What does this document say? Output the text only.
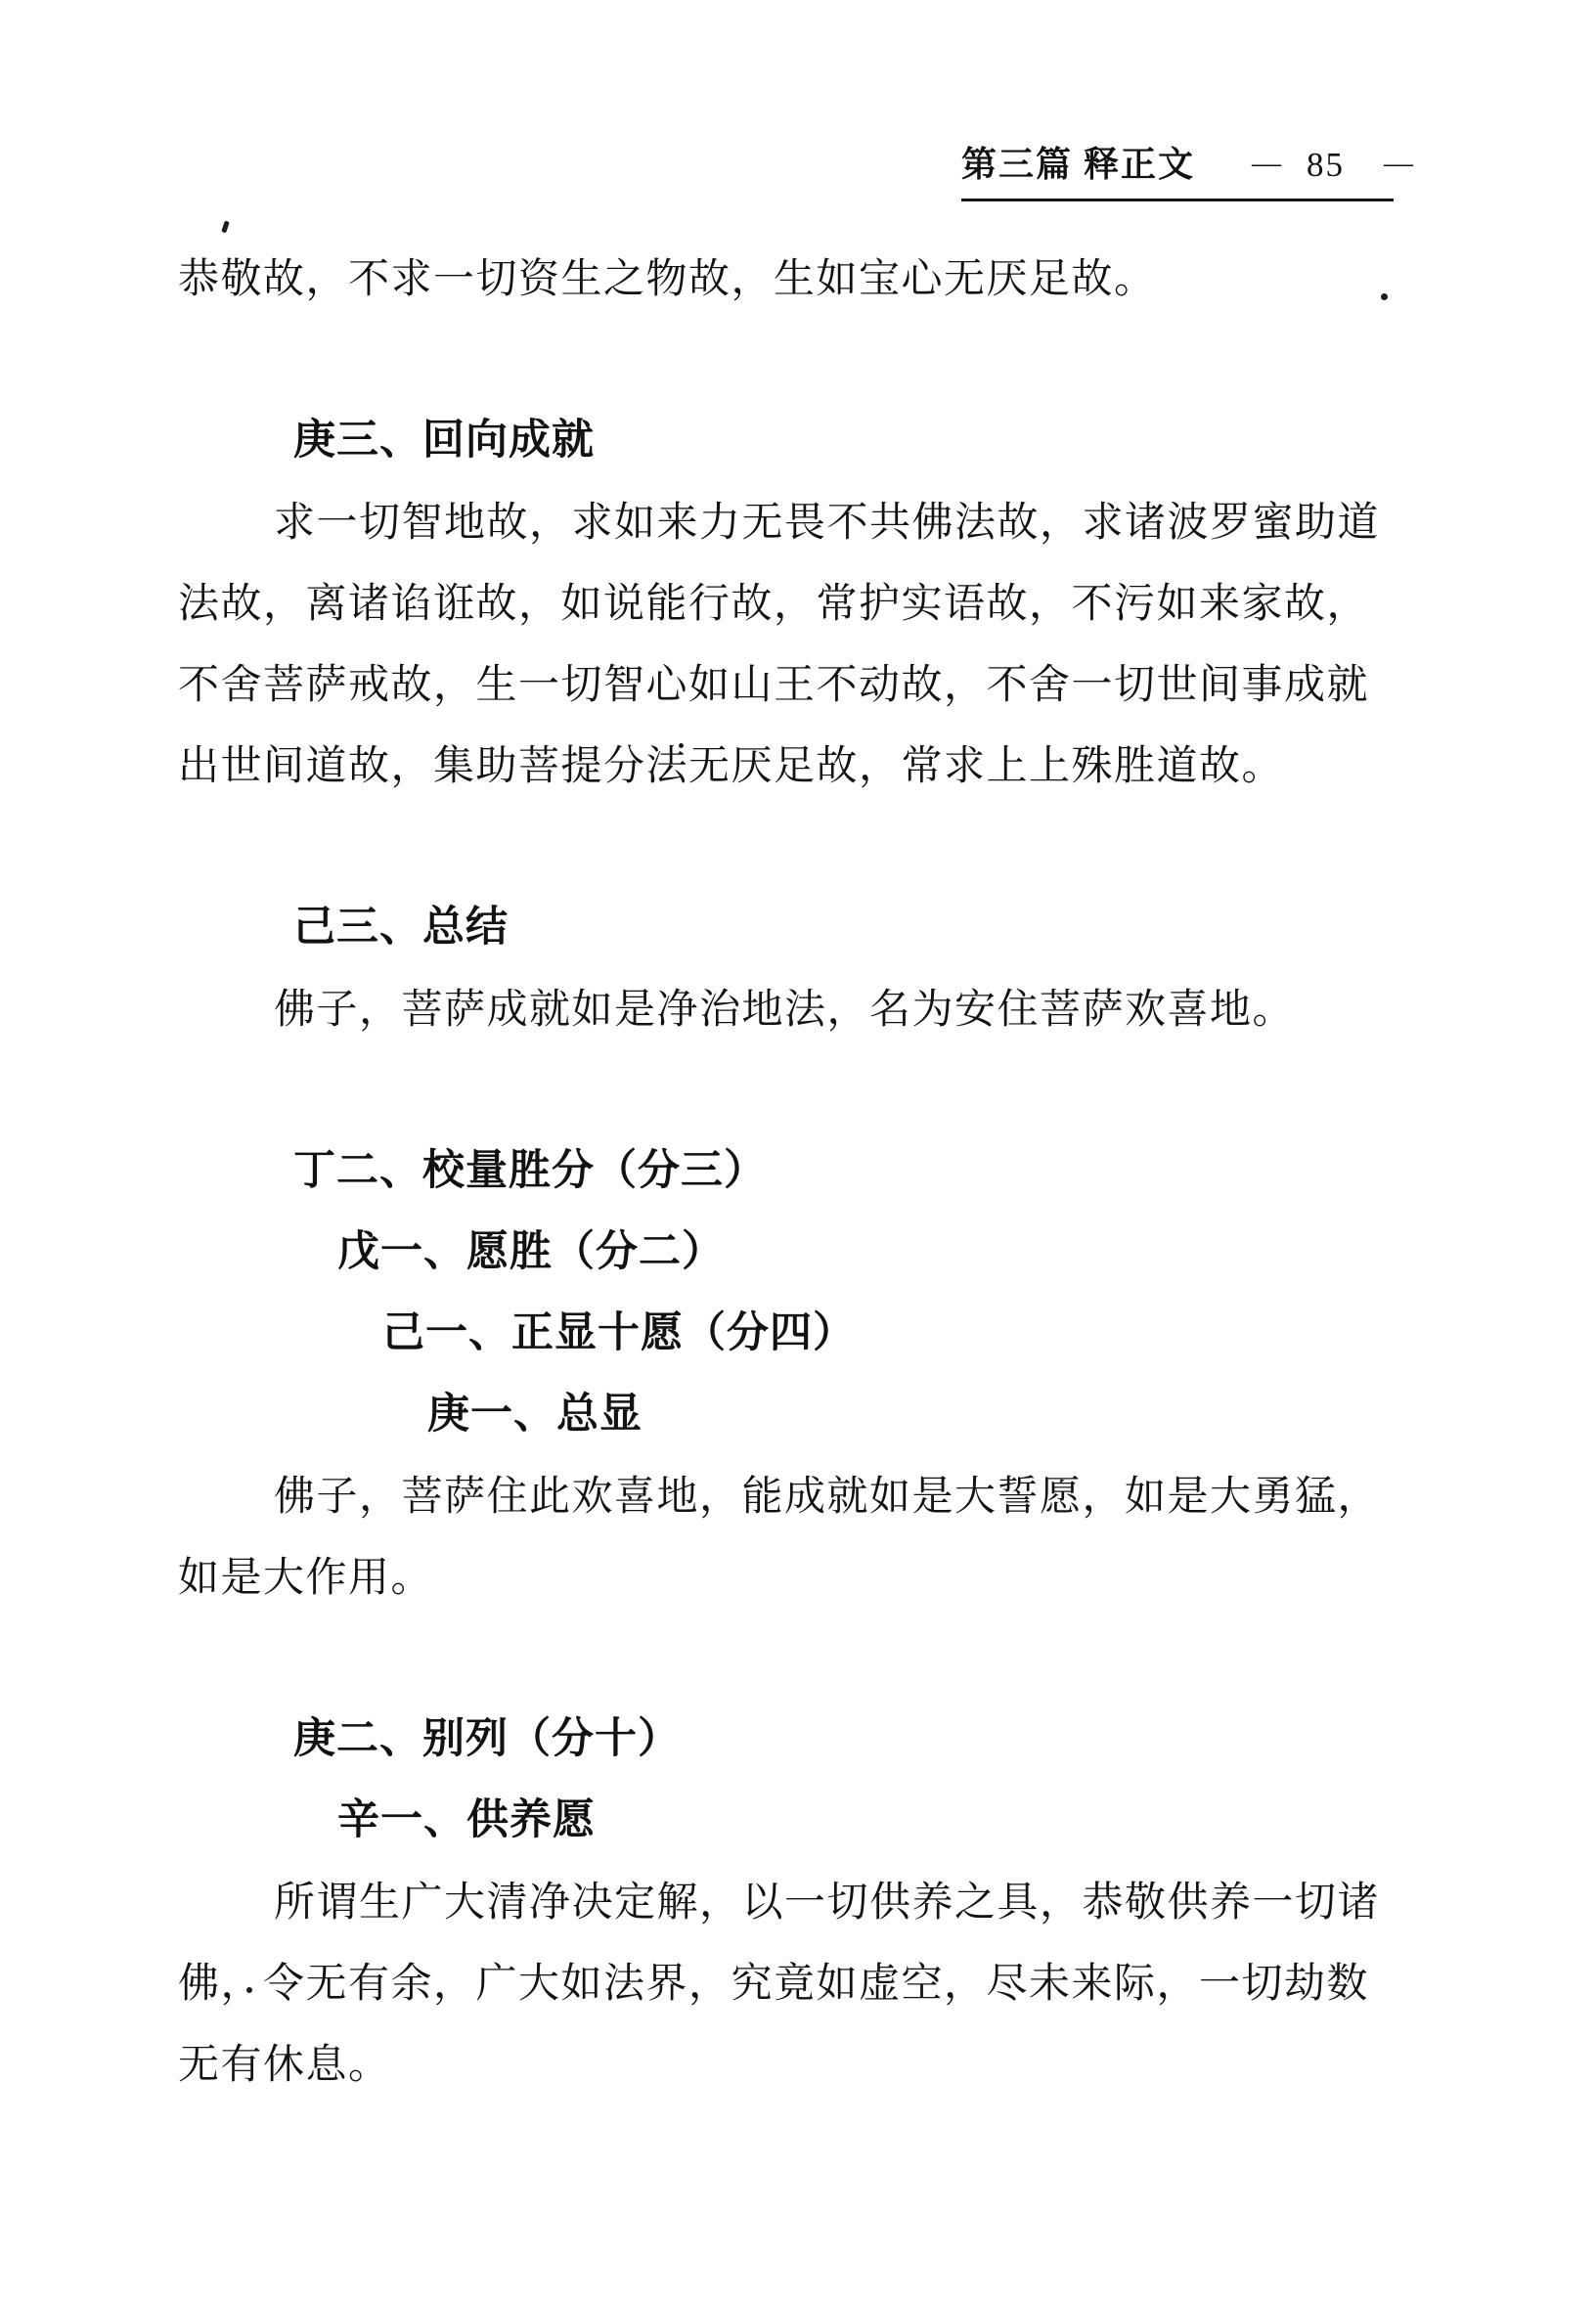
第三篇 释正文 — 85 —
恭敬故，不求一切资生之物故，生如宝心无厌足故。
庚三、回向成就
求一切智地故，求如来力无畏不共佛法故，求诸波罗蜜助道
法故，离诸谄诳故，如说能行故，常护实语故，不污如来家故，
不舍菩萨戒故，生一切智心如山王不动故，不舍一切世间事成就
出世间道故，集助菩提分法无厌足故，常求上上殊胜道故。
己三、总结
佛子，菩萨成就如是净治地法，名为安住菩萨欢喜地。
丁二、校量胜分（分三）
戊一、愿胜（分二）
己一、正显十愿（分四）
庚一、总显
佛子，菩萨住此欢喜地，能成就如是大誓愿，如是大勇猛，
如是大作用。
庚二、别列（分十）
辛一、供养愿
所谓生广大清净决定解，以一切供养之具，恭敬供养一切诸
佛，令无有余，广大如法界，究竟如虚空，尽未来际，一切劫数
无有休息。
